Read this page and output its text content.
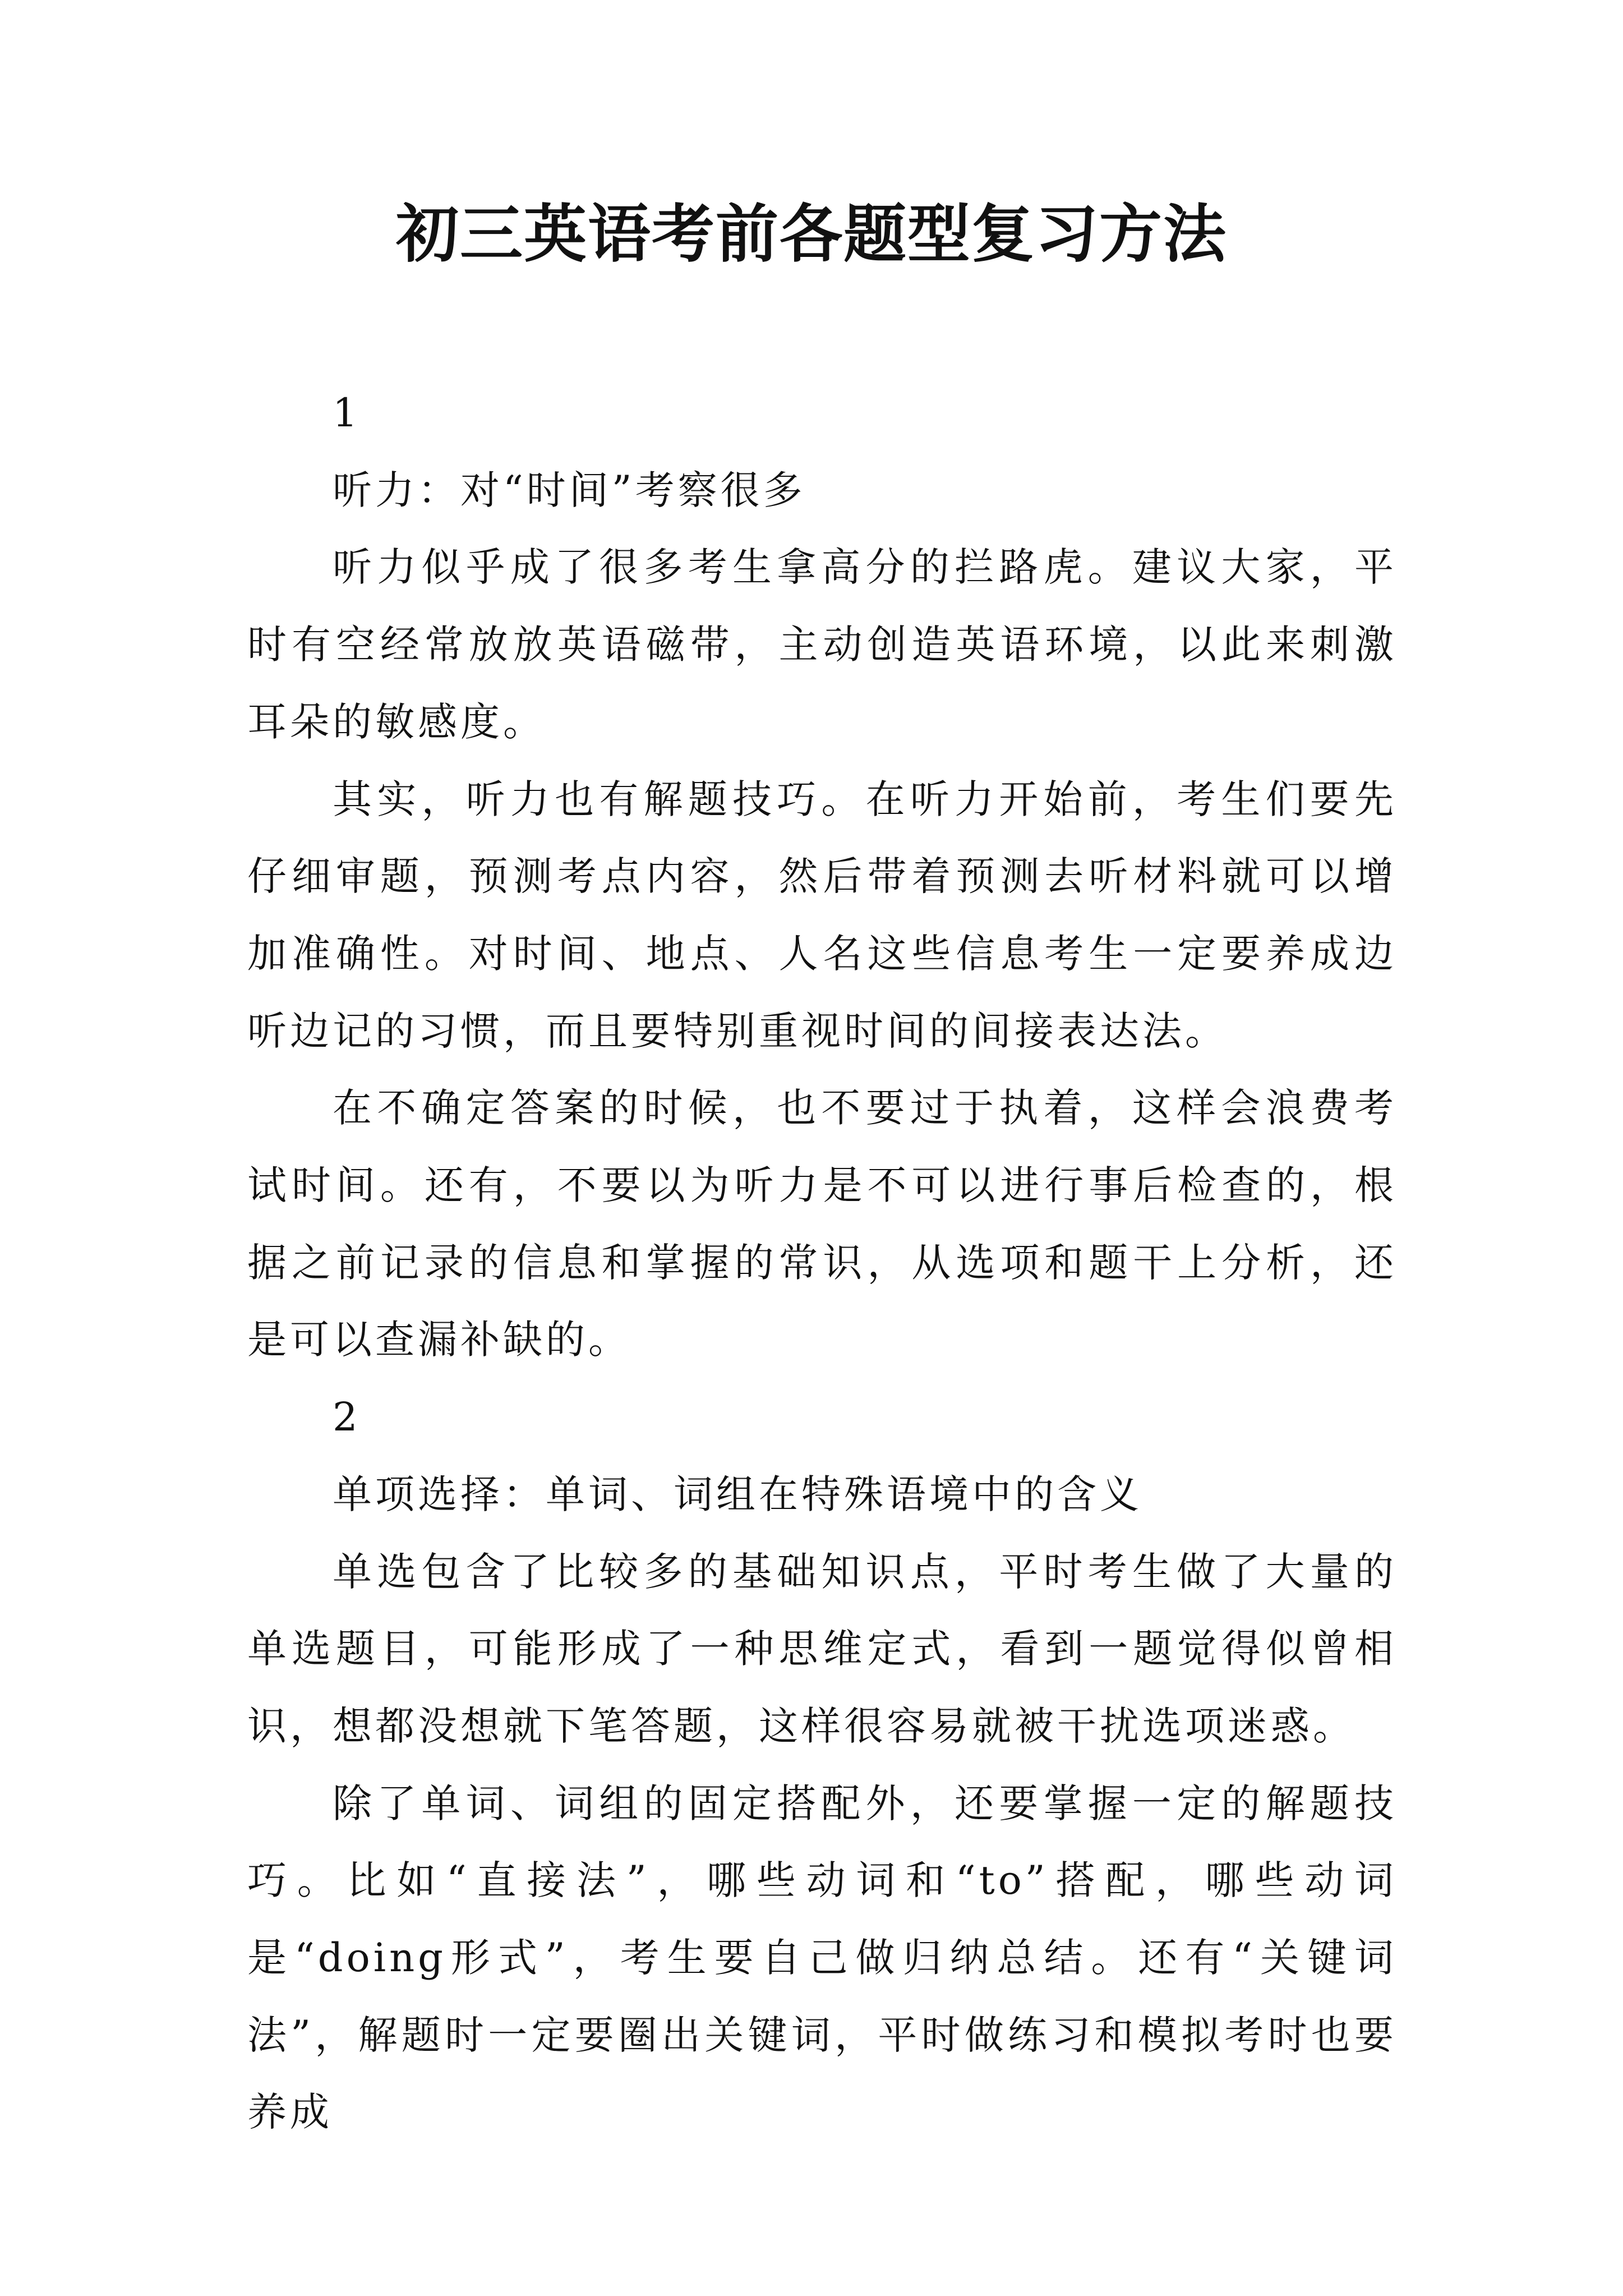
初三英语考前各题型复习方法

1

听力：对“时间”考察很多

听力似乎成了很多考生拿高分的拦路虎。建议大家，平时有空经常放放英语磁带，主动创造英语环境，以此来刺激耳朵的敏感度。

其实，听力也有解题技巧。在听力开始前，考生们要先仔细审题，预测考点内容，然后带着预测去听材料就可以增加准确性。对时间、地点、人名这些信息考生一定要养成边听边记的习惯，而且要特别重视时间的间接表达法。

在不确定答案的时候，也不要过于执着，这样会浪费考试时间。还有，不要以为听力是不可以进行事后检查的，根据之前记录的信息和掌握的常识，从选项和题干上分析，还是可以查漏补缺的。

2

单项选择：单词、词组在特殊语境中的含义

单选包含了比较多的基础知识点，平时考生做了大量的单选题目，可能形成了一种思维定式，看到一题觉得似曾相识，想都没想就下笔答题，这样很容易就被干扰选项迷惑。

除了单词、词组的固定搭配外，还要掌握一定的解题技巧。比如“直接法”，哪些动词和“to”搭配，哪些动词是“doing形式”，考生要自己做归纳总结。还有“关键词法”，解题时一定要圈出关键词，平时做练习和模拟考时也要养成
